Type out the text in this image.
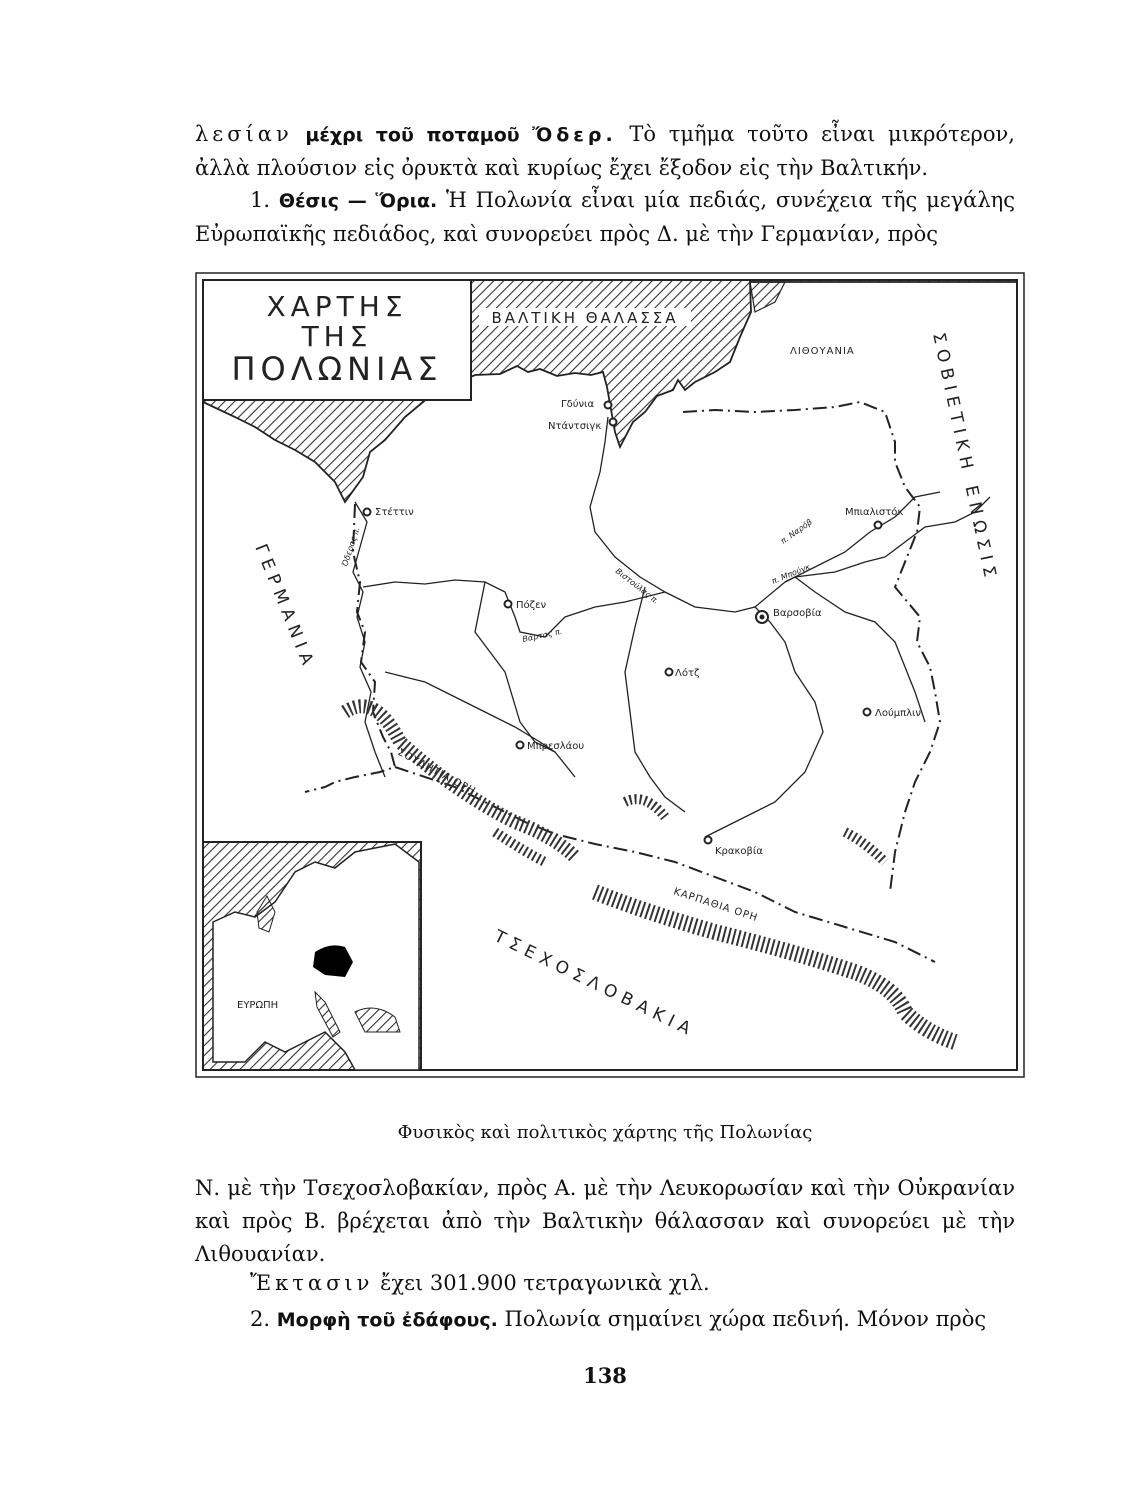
λεσίαν μέχρι τοῦ ποταμοῦ Ὄδερ. Τὸ τμῆμα τοῦτο εἶναι μικρότερον, ἀλλὰ πλούσιον εἰς ὀρυκτὰ καὶ κυρίως ἔχει ἔξοδον εἰς τὴν Βαλτικήν.
1. Θέσις — Ὅρια. Ἡ Πολωνία εἶναι μία πεδιάς, συνέχεια τῆς μεγάλης Εὐρωπαϊκῆς πεδιάδος, καὶ συνορεύει πρὸς Δ. μὲ τὴν Γερμανίαν, πρὸς
ΧΑΡΤΗΣ
ΤΗΣ
ΠΟΛΩΝΙΑΣ
ΒΑΛΤΙΚΗ ΘΑΛΑΣΣΑ
ΛΙΘΟΥΑΝΙΑ	ΣΟΒΙΕΤΙΚΗ ΕΝΩΣΙΣ
ΓΕΡΜΑΝΙΑ
ΤΣΕΧΟΣΛΟΒΑΚΙΑ
ΣΟΥΔΗΤΙΑ ΟΡΗ
ΚΑΡΠΑΘΙΑ ΟΡΗ
Γδύνια
Ντάντσιγκ
Στέττιν	Μπιαλιστόκ
Πόζεν
Βαρσοβία
Λότζ
Λούμπλιν
Μπρεσλάου
Κρακοβία
Όδερας π.
Βιστούλας π.
Βάρτας π.
π. Ναρόβ
π. Μπούγκ
ΕΥΡΩΠΗ
Φυσικὸς καὶ πολιτικὸς χάρτης τῆς Πολωνίας
Ν. μὲ τὴν Τσεχοσλοβακίαν, πρὸς Α. μὲ τὴν Λευκορωσίαν καὶ τὴν Οὐκρανίαν καὶ πρὸς Β. βρέχεται ἀπὸ τὴν Βαλτικὴν θάλασσαν καὶ συνορεύει μὲ τὴν Λιθουανίαν.
Ἔκτασιν ἔχει 301.900 τετραγωνικὰ χιλ.
2. Μορφὴ τοῦ ἐδάφους. Πολωνία σημαίνει χώρα πεδινή. Μόνον πρὸς
138
